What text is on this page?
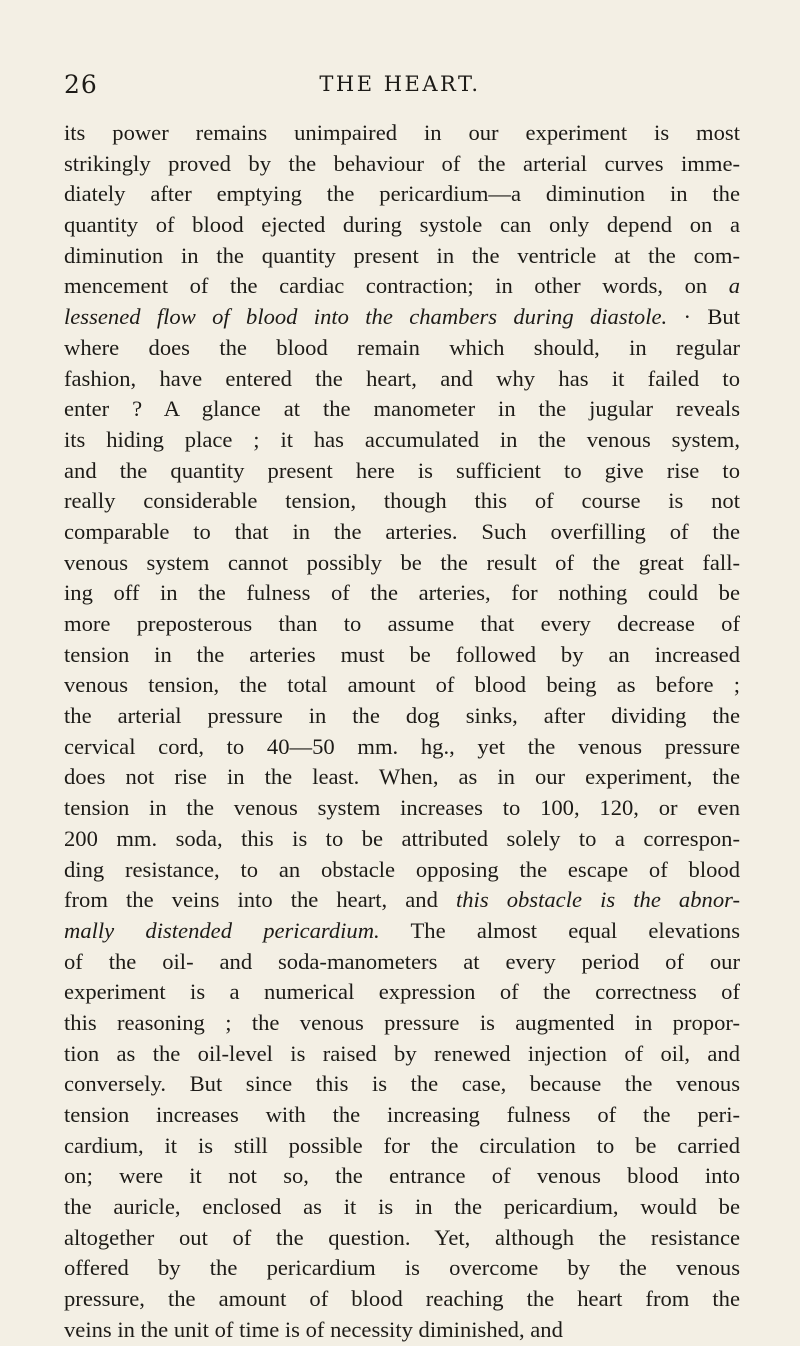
26	THE HEART.
its power remains unimpaired in our experiment is most
strikingly proved by the behaviour of the arterial curves imme-
diately after emptying the pericardium—a diminution in the
quantity of blood ejected during systole can only depend on a
diminution in the quantity present in the ventricle at the com-
mencement of the cardiac contraction; in other words, on a
lessened flow of blood into the chambers during diastole. · But
where does the blood remain which should, in regular
fashion, have entered the heart, and why has it failed to
enter ? A glance at the manometer in the jugular reveals
its hiding place ; it has accumulated in the venous system,
and the quantity present here is sufficient to give rise to
really considerable tension, though this of course is not
comparable to that in the arteries. Such overfilling of the
venous system cannot possibly be the result of the great fall-
ing off in the fulness of the arteries, for nothing could be
more preposterous than to assume that every decrease of
tension in the arteries must be followed by an increased
venous tension, the total amount of blood being as before ;
the arterial pressure in the dog sinks, after dividing the
cervical cord, to 40—50 mm. hg., yet the venous pressure
does not rise in the least. When, as in our experiment, the
tension in the venous system increases to 100, 120, or even
200 mm. soda, this is to be attributed solely to a correspon-
ding resistance, to an obstacle opposing the escape of blood
from the veins into the heart, and this obstacle is the abnor-
mally distended pericardium. The almost equal elevations
of the oil- and soda-manometers at every period of our
experiment is a numerical expression of the correctness of
this reasoning ; the venous pressure is augmented in propor-
tion as the oil-level is raised by renewed injection of oil, and
conversely. But since this is the case, because the venous
tension increases with the increasing fulness of the peri-
cardium, it is still possible for the circulation to be carried
on; were it not so, the entrance of venous blood into
the auricle, enclosed as it is in the pericardium, would be
altogether out of the question. Yet, although the resistance
offered by the pericardium is overcome by the venous
pressure, the amount of blood reaching the heart from the
veins in the unit of time is of necessity diminished, and
